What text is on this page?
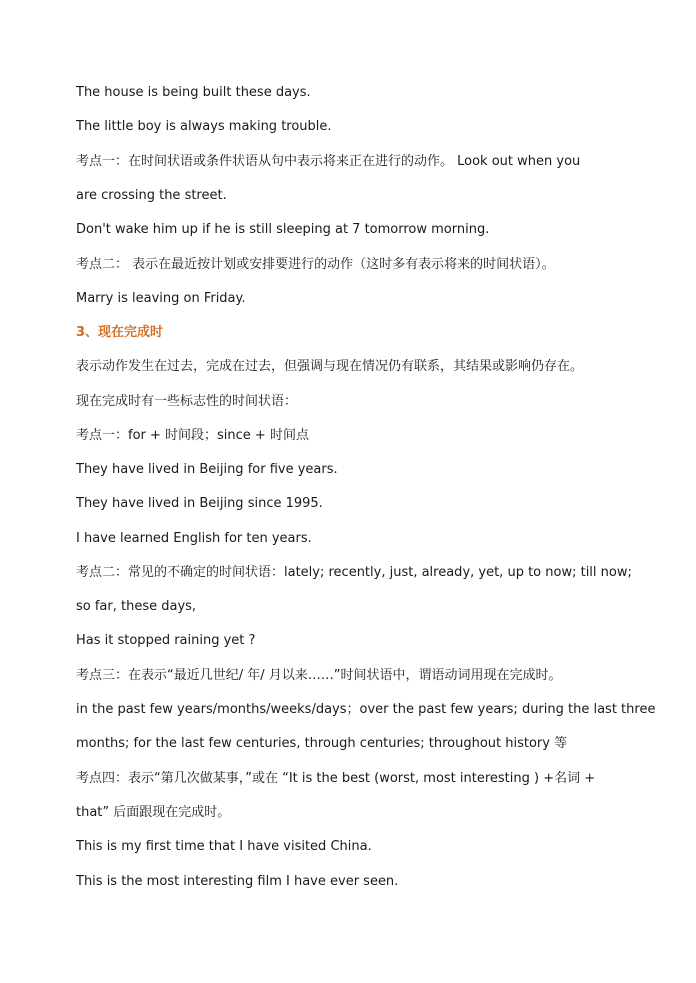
The house is being built these days.
The little boy is always making trouble.
考点一：在时间状语或条件状语从句中表示将来正在进行的动作。 Look out when you
are crossing the street.
Don't wake him up if he is still sleeping at 7 tomorrow morning.
考点二： 表示在最近按计划或安排要进行的动作（这时多有表示将来的时间状语）。
Marry is leaving on Friday.
3、现在完成时
表示动作发生在过去，完成在过去，但强调与现在情况仍有联系，其结果或影响仍存在。
现在完成时有一些标志性的时间状语：
考点一：for + 时间段；since + 时间点
They have lived in Beijing for five years.
They have lived in Beijing since 1995.
I have learned English for ten years.
考点二：常见的不确定的时间状语：lately; recently, just, already, yet, up to now; till now;
so far, these days,
Has it stopped raining yet ?
考点三：在表示“最近几世纪/ 年/ 月以来……”时间状语中，谓语动词用现在完成时。
in the past few years/months/weeks/days；over the past few years; during the last three
months; for the last few centuries, through centuries; throughout history 等
考点四：表示“第几次做某事，”或在 “It is the best (worst, most interesting ) +名词 +
that” 后面跟现在完成时。
This is my first time that I have visited China.
This is the most interesting film I have ever seen.
